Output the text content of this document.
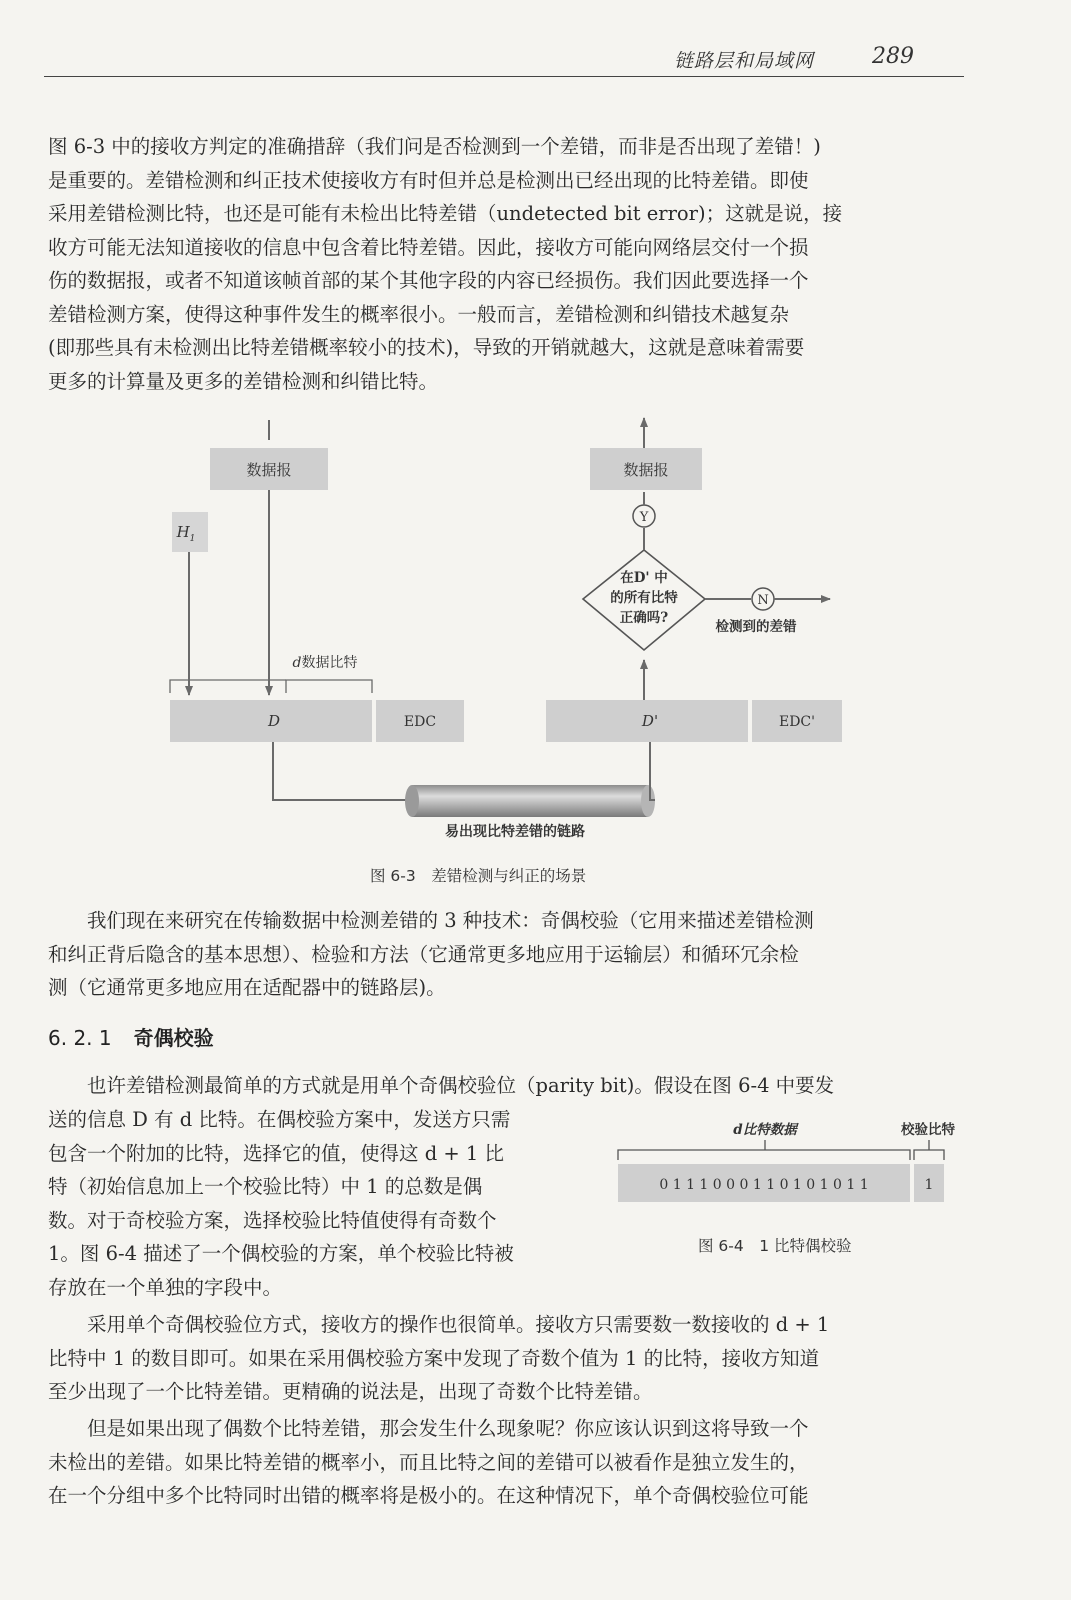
链路层和局域网	289

图 6-3 中的接收方判定的准确措辞（我们问是否检测到一个差错，而非是否出现了差错！)

是重要的。差错检测和纠正技术使接收方有时但并总是检测出已经出现的比特差错。即使

采用差错检测比特，也还是可能有未检出比特差错（undetected bit error)；这就是说，接

收方可能无法知道接收的信息中包含着比特差错。因此，接收方可能向网络层交付一个损

伤的数据报，或者不知道该帧首部的某个其他字段的内容已经损伤。我们因此要选择一个

差错检测方案，使得这种事件发生的概率很小。一般而言，差错检测和纠错技术越复杂

(即那些具有未检测出比特差错概率较小的技术)，导致的开销就越大，这就是意味着需要

更多的计算量及更多的差错检测和纠错比特。

数据报
$H_1$
d数据比特
D	EDC
易出现比特差错的链路
D'	EDC'
在D' 中
的所有比特
正确吗?
Y
数据报
N
检测到的差错
图 6-3　差错检测与纠正的场景

我们现在来研究在传输数据中检测差错的 3 种技术：奇偶校验（它用来描述差错检测

和纠正背后隐含的基本思想）、检验和方法（它通常更多地应用于运输层）和循环冗余检

测（它通常更多地应用在适配器中的链路层)。

6. 2. 1 奇偶校验

也许差错检测最简单的方式就是用单个奇偶校验位（parity bit)。假设在图 6-4 中要发

送的信息 D 有 d 比特。在偶校验方案中，发送方只需

包含一个附加的比特，选择它的值，使得这 d + 1 比

特（初始信息加上一个校验比特）中 1 的总数是偶

数。对于奇校验方案，选择校验比特值使得有奇数个

1。图 6-4 描述了一个偶校验的方案，单个校验比特被

存放在一个单独的字段中。

d比特数据	校验比特
0 1 1 1 0 0 0 1 1 0 1 0 1 0 1 1	1
图 6-4　1 比特偶校验

采用单个奇偶校验位方式，接收方的操作也很简单。接收方只需要数一数接收的 d + 1

比特中 1 的数目即可。如果在采用偶校验方案中发现了奇数个值为 1 的比特，接收方知道

至少出现了一个比特差错。更精确的说法是，出现了奇数个比特差错。

但是如果出现了偶数个比特差错，那会发生什么现象呢？你应该认识到这将导致一个

未检出的差错。如果比特差错的概率小，而且比特之间的差错可以被看作是独立发生的，

在一个分组中多个比特同时出错的概率将是极小的。在这种情况下，单个奇偶校验位可能
